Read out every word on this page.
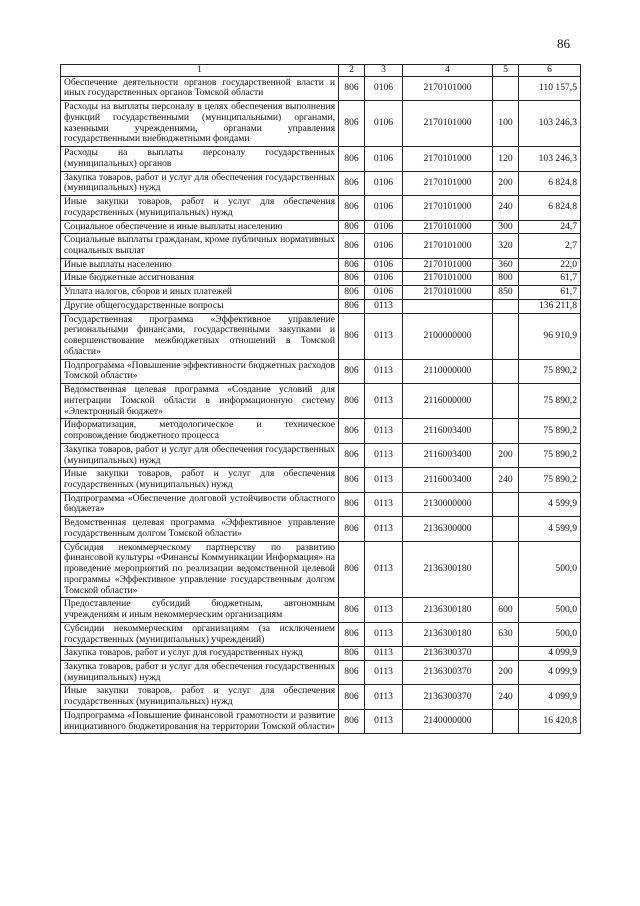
86
1	2	3	4	5	6
Обеспечение деятельности органов государственной власти и иных государственных органов Томской области	806	0106	2170101000		110 157,5
Расходы на выплаты персоналу в целях обеспечения выполнения функций государственными (муниципальными) органами, казенными учреждениями, органами управления государственными внебюджетными фондами	806	0106	2170101000	100	103 246,3
Расходы на выплаты персоналу государственных (муниципальных) органов	806	0106	2170101000	120	103 246,3
Закупка товаров, работ и услуг для обеспечения государственных (муниципальных) нужд	806	0106	2170101000	200	6 824,8
Иные закупки товаров, работ и услуг для обеспечения государственных (муниципальных) нужд	806	0106	2170101000	240	6 824,8
Социальное обеспечение и иные выплаты населению	806	0106	2170101000	300	24,7
Социальные выплаты гражданам, кроме публичных нормативных социальных выплат	806	0106	2170101000	320	2,7
Иные выплаты населению	806	0106	2170101000	360	22,0
Иные бюджетные ассигнования	806	0106	2170101000	800	61,7
Уплата налогов, сборов и иных платежей	806	0106	2170101000	850	61,7
Другие общегосударственные вопросы	806	0113			136 211,8
Государственная программа «Эффективное управление региональными финансами, государственными закупками и совершенствование межбюджетных отношений в Томской области»	806	0113	2100000000		96 910,9
Подпрограмма «Повышение эффективности бюджетных расходов Томской области»	806	0113	2110000000		75 890,2
Ведомственная целевая программа «Создание условий для интеграции Томской области в информационную систему «Электронный бюджет»	806	0113	2116000000		75 890,2
Информатизация, методологическое и техническое сопровождение бюджетного процесса	806	0113	2116003400		75 890,2
Закупка товаров, работ и услуг для обеспечения государственных (муниципальных) нужд	806	0113	2116003400	200	75 890,2
Иные закупки товаров, работ и услуг для обеспечения государственных (муниципальных) нужд	806	0113	2116003400	240	75 890,2
Подпрограмма «Обеспечение долговой устойчивости областного бюджета»	806	0113	2130000000		4 599,9
Ведомственная целевая программа «Эффективное управление государственным долгом Томской области»	806	0113	2136300000		4 599,9
Субсидия некоммерческому партнерству по развитию финансовой культуры «Финансы Коммуникации Информация» на проведение мероприятий по реализации ведомственной целевой программы «Эффективное управление государственным долгом Томской области»	806	0113	2136300180		500,0
Предоставление субсидий бюджетным, автономным учреждениям и иным некоммерческим организациям	806	0113	2136300180	600	500,0
Субсидии некоммерческим организациям (за исключением государственных (муниципальных) учреждений)	806	0113	2136300180	630	500,0
Закупка товаров, работ и услуг для государственных нужд	806	0113	2136300370		4 099,9
Закупка товаров, работ и услуг для обеспечения государственных (муниципальных) нужд	806	0113	2136300370	200	4 099,9
Иные закупки товаров, работ и услуг для обеспечения государственных (муниципальных) нужд	806	0113	2136300370	240	4 099,9
Подпрограмма «Повышение финансовой грамотности и развитие инициативного бюджетирования на территории Томской области»	806	0113	2140000000		16 420,8
